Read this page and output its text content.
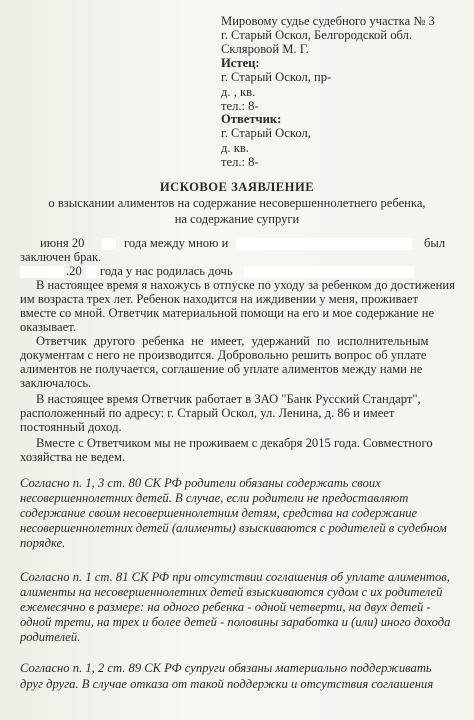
Мировому судье судебного участка № 3
г. Старый Оскол, Белгородской обл.
Скляровой М. Г.
Истец:
г. Старый Оскол, пр-
д. , кв.
тел.: 8-
Ответчик:
г. Старый Оскол,
д. кв.
тел.: 8-
ИСКОВОЕ ЗАЯВЛЕНИЕ
о взыскании алиментов на содержание несовершеннолетнего ребенка,
на содержание супруги
июня 20	года между мною и	был
заключен брак.
.20 года у нас родилась дочь
В настоящее время я нахожусь в отпуске по уходу за ребенком до достижения
им возраста трех лет. Ребенок находится на иждивении у меня, проживает
вместе со мной. Ответчик материальной помощи на его и мое содержание не
оказывает.
Ответчик другого ребенка не имеет, удержаний по исполнительным
документам с него не производится. Добровольно решить вопрос об уплате
алиментов не получается, соглашение об уплате алиментов между нами не
заключалось.
В настоящее время Ответчик работает в ЗАО "Банк Русский Стандарт",
расположенный по адресу: г. Старый Оскол, ул. Ленина, д. 86 и имеет
постоянный доход.
Вместе с Ответчиком мы не проживаем с декабря 2015 года. Совместного
хозяйства не ведем.
Согласно п. 1, 3 ст. 80 СК РФ родители обязаны содержать своих
несовершеннолетних детей. В случае, если родители не предоставляют
содержание своим несовершеннолетним детям, средства на содержание
несовершеннолетних детей (алименты) взыскиваются с родителей в судебном
порядке.
Согласно п. 1 ст. 81 СК РФ при отсутствии соглашения об уплате алиментов,
алименты на несовершеннолетних детей взыскиваются судом с их родителей
ежемесячно в размере: на одного ребенка - одной четверти, на двух детей -
одной трети, на трех и более детей - половины заработка и (или) иного дохода
родителей.
Согласно п. 1, 2 ст. 89 СК РФ супруги обязаны материально поддерживать
друг друга. В случае отказа от такой поддержки и отсутствия соглашения
